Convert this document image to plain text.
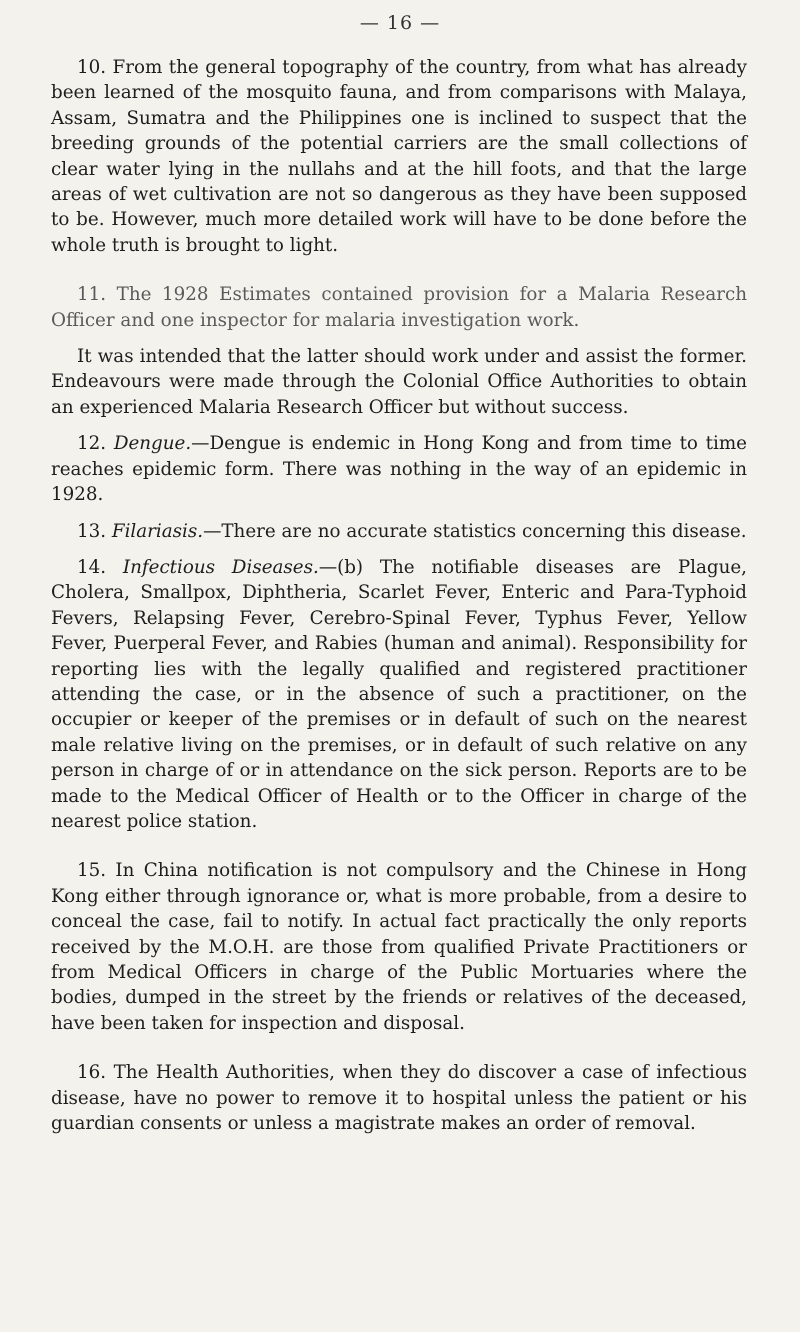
— 16 —

10. From the general topography of the country, from what has already been learned of the mosquito fauna, and from comparisons with Malaya, Assam, Sumatra and the Philippines one is inclined to suspect that the breeding grounds of the potential carriers are the small collections of clear water lying in the nullahs and at the hill foots, and that the large areas of wet cultivation are not so dangerous as they have been supposed to be. However, much more detailed work will have to be done before the whole truth is brought to light.

11. The 1928 Estimates contained provision for a Malaria Research Officer and one inspector for malaria investigation work.

It was intended that the latter should work under and assist the former. Endeavours were made through the Colonial Office Authorities to obtain an experienced Malaria Research Officer but without success.

12. Dengue.—Dengue is endemic in Hong Kong and from time to time reaches epidemic form. There was nothing in the way of an epidemic in 1928.

13. Filariasis.—There are no accurate statistics concerning this disease.

14. Infectious Diseases.—(b) The notifiable diseases are Plague, Cholera, Smallpox, Diphtheria, Scarlet Fever, Enteric and Para-Typhoid Fevers, Relapsing Fever, Cerebro-Spinal Fever, Typhus Fever, Yellow Fever, Puerperal Fever, and Rabies (human and animal). Responsibility for reporting lies with the legally qualified and registered practitioner attending the case, or in the absence of such a practitioner, on the occupier or keeper of the premises or in default of such on the nearest male relative living on the premises, or in default of such relative on any person in charge of or in attendance on the sick person. Reports are to be made to the Medical Officer of Health or to the Officer in charge of the nearest police station.

15. In China notification is not compulsory and the Chinese in Hong Kong either through ignorance or, what is more probable, from a desire to conceal the case, fail to notify. In actual fact practically the only reports received by the M.O.H. are those from qualified Private Practitioners or from Medical Officers in charge of the Public Mortuaries where the bodies, dumped in the street by the friends or relatives of the deceased, have been taken for inspection and disposal.

16. The Health Authorities, when they do discover a case of infectious disease, have no power to remove it to hospital unless the patient or his guardian consents or unless a magistrate makes an order of removal.
